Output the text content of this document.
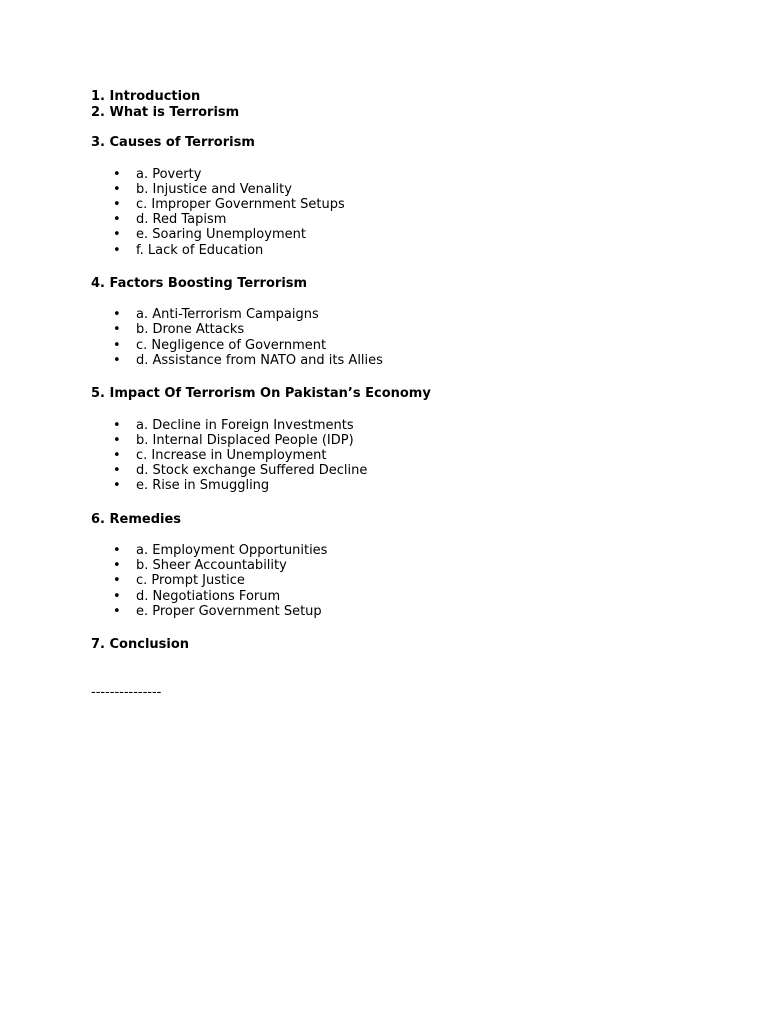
1. Introduction

2. What is Terrorism

3. Causes of Terrorism

• a. Poverty
• b. Injustice and Venality
• c. Improper Government Setups
• d. Red Tapism
• e. Soaring Unemployment
• f. Lack of Education

4. Factors Boosting Terrorism

• a. Anti-Terrorism Campaigns
• b. Drone Attacks
• c. Negligence of Government
• d. Assistance from NATO and its Allies

5. Impact Of Terrorism On Pakistan’s Economy

• a. Decline in Foreign Investments
• b. Internal Displaced People (IDP)
• c. Increase in Unemployment
• d. Stock exchange Suffered Decline
• e. Rise in Smuggling

6. Remedies

• a. Employment Opportunities
• b. Sheer Accountability
• c. Prompt Justice
• d. Negotiations Forum
• e. Proper Government Setup

7. Conclusion

---------------
